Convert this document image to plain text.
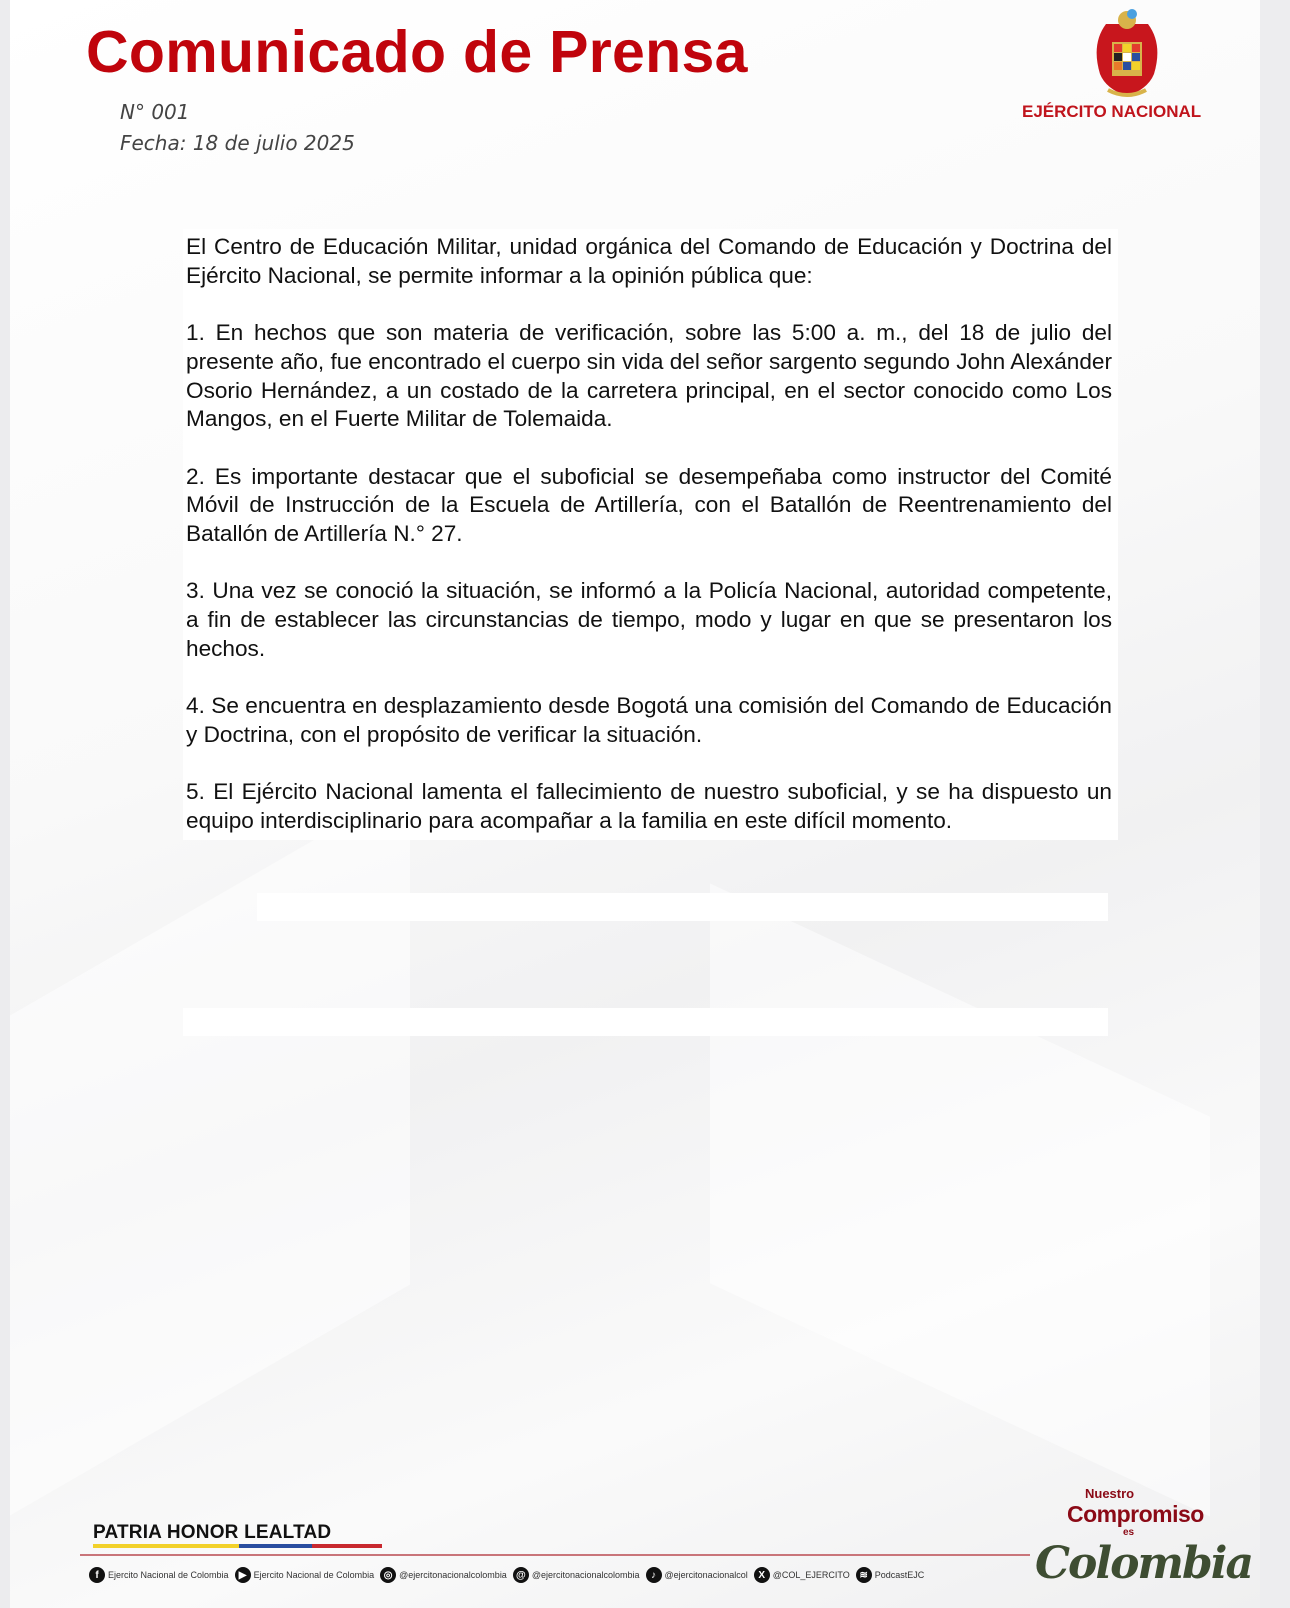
Comunicado de Prensa
N° 001
Fecha: 18 de julio 2025
EJÉRCITO NACIONAL

El Centro de Educación Militar, unidad orgánica del Comando de Educación y Doctrina del Ejército Nacional, se permite informar a la opinión pública que:

1. En hechos que son materia de verificación, sobre las 5:00 a. m., del 18 de julio del presente año, fue encontrado el cuerpo sin vida del señor sargento segundo John Alexánder Osorio Hernández, a un costado de la carretera principal, en el sector conocido como Los Mangos, en el Fuerte Militar de Tolemaida.

2. Es importante destacar que el suboficial se desempeñaba como instructor del Comité Móvil de Instrucción de la Escuela de Artillería, con el Batallón de Reentrenamiento del Batallón de Artillería N.° 27.

3. Una vez se conoció la situación, se informó a la Policía Nacional, autoridad competente, a fin de establecer las circunstancias de tiempo, modo y lugar en que se presentaron los hechos.

4. Se encuentra en desplazamiento desde Bogotá una comisión del Comando de Educación y Doctrina, con el propósito de verificar la situación.

5. El Ejército Nacional lamenta el fallecimiento de nuestro suboficial, y se ha dispuesto un equipo interdisciplinario para acompañar a la familia en este difícil momento.

PATRIA HONOR LEALTAD
f	Ejercito Nacional de Colombia	▶ Ejercito Nacional de Colombia ◎ @ejercitonacionalcolombia @ @ejercitonacionalcolombia	♪ @ejercitonacionalcol	X @COL_EJERCITO ≋ PodcastEJC
Nuestro
Compromiso
es
Colombia
